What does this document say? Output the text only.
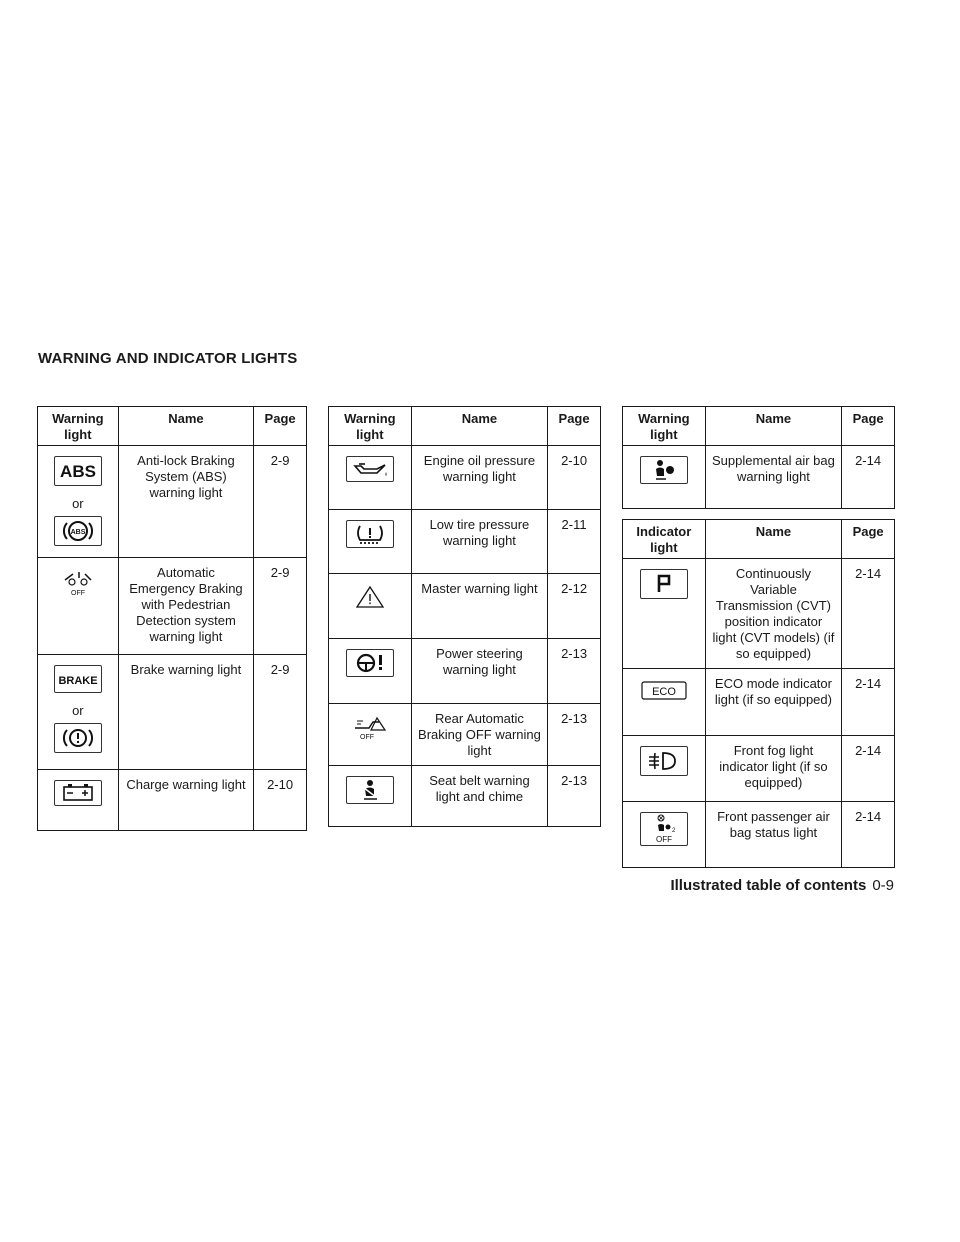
WARNING AND INDICATOR LIGHTS
Warning light	Name	Page

ABS
or
ABS	Anti-lock Braking System (ABS) warning light	2-9

OFF	Automatic Emergency Braking with Pedestrian Detection system warning light	2-9

BRAKE
or	Brake warning light	2-9

	Charge warning light	2-10
Warning light	Name	Page

	Engine oil pressure warning light	2-10

	Low tire pressure warning light	2-11

	Master warning light	2-12

	Power steering warning light	2-13

OFF	Rear Automatic Braking OFF warning light	2-13

	Seat belt warning light and chime	2-13
Warning light	Name	Page

	Supplemental air bag warning light	2-14
Indicator light	Name	Page

	Continuously Variable Transmission (CVT) position indicator light (CVT models) (if so equipped)	2-14

ECO	ECO mode indicator light (if so equipped)	2-14

	Front fog light indicator light (if so equipped)	2-14

2
OFF	Front passenger air bag status light	2-14
Illustrated table of contents 0-9
